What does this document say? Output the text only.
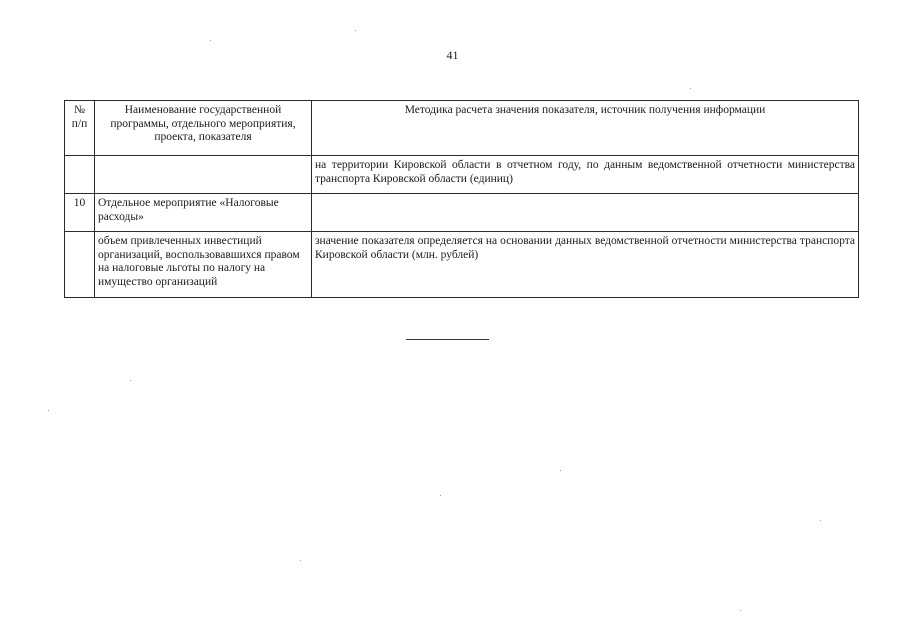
41
№ п/п	Наименование государственной программы, отдельного мероприятия, проекта, показателя	Методика расчета значения показателя, источник получения информации
		на территории Кировской области в отчетном году, по данным ведомственной отчетности министерства транспорта Кировской области (единиц)
10	Отдельное мероприятие «Налоговые расходы»	
	объем привлеченных инвестиций организаций, воспользовавшихся правом на налоговые льготы по налогу на имущество организаций	значение показателя определяется на основании данных ведомственной отчетности министерства транспорта Кировской области (млн. рублей)
